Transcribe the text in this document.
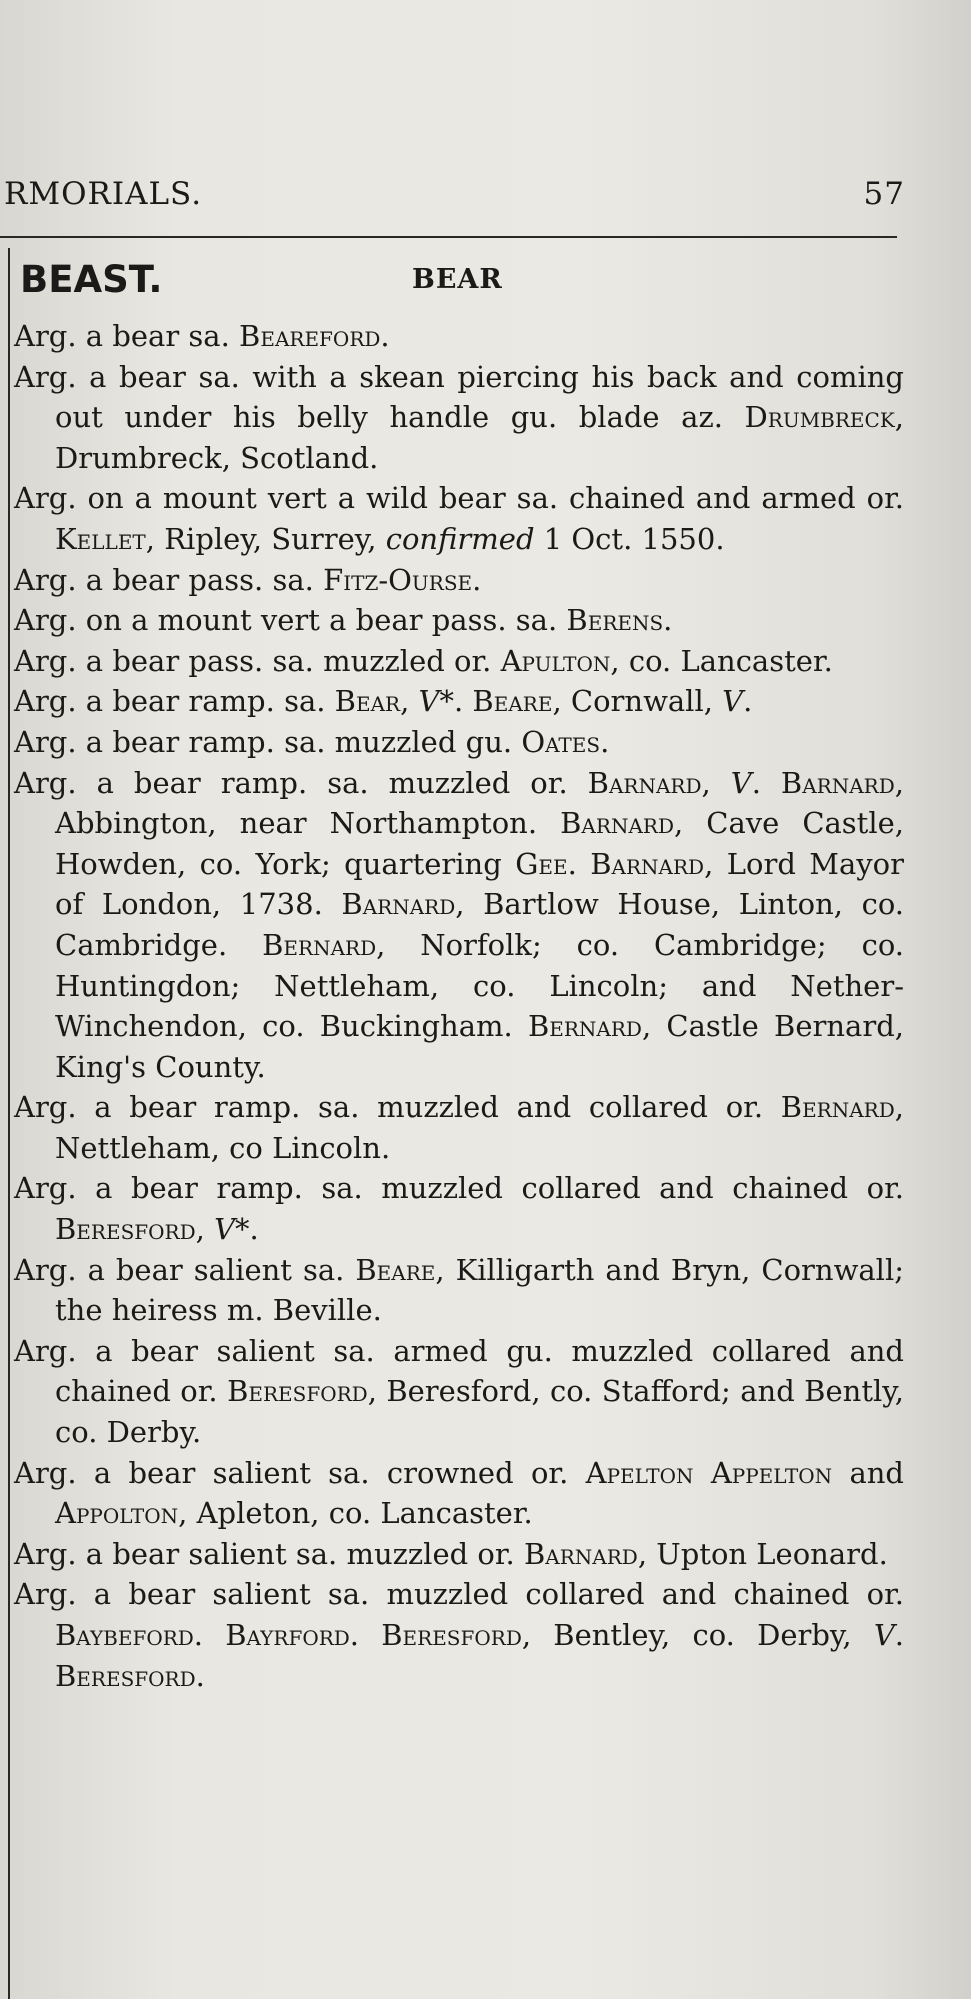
RMORIALS.	57
BEAST.	BEAR
Arg. a bear sa. Beareford.
Arg. a bear sa. with a skean piercing his back and coming out under his belly handle gu. blade az. Drumbreck, Drumbreck, Scotland.
Arg. on a mount vert a wild bear sa. chained and armed or. Kellet, Ripley, Surrey, confirmed 1 Oct. 1550.
Arg. a bear pass. sa. Fitz-Ourse.
Arg. on a mount vert a bear pass. sa. Berens.
Arg. a bear pass. sa. muzzled or. Apulton, co. Lancaster.
Arg. a bear ramp. sa. Bear, V*. Beare, Cornwall, V.
Arg. a bear ramp. sa. muzzled gu. Oates.
Arg. a bear ramp. sa. muzzled or. Barnard, V. Barnard, Abbington, near Northampton. Barnard, Cave Castle, Howden, co. York; quartering Gee. Barnard, Lord Mayor of London, 1738. Barnard, Bartlow House, Linton, co. Cambridge. Bernard, Norfolk; co. Cambridge; co. Huntingdon; Nettleham, co. Lincoln; and Nether-Winchendon, co. Buckingham. Bernard, Castle Bernard, King's County.
Arg. a bear ramp. sa. muzzled and collared or. Bernard, Nettleham, co Lincoln.
Arg. a bear ramp. sa. muzzled collared and chained or. Beresford, V*.
Arg. a bear salient sa. Beare, Killigarth and Bryn, Cornwall; the heiress m. Beville.
Arg. a bear salient sa. armed gu. muzzled collared and chained or. Beresford, Beresford, co. Stafford; and Bently, co. Derby.
Arg. a bear salient sa. crowned or. Apelton Appelton and Appolton, Apleton, co. Lancaster.
Arg. a bear salient sa. muzzled or. Barnard, Upton Leonard.
Arg. a bear salient sa. muzzled collared and chained or. Baybeford. Bayrford. Beresford, Bentley, co. Derby, V. Beresford.
